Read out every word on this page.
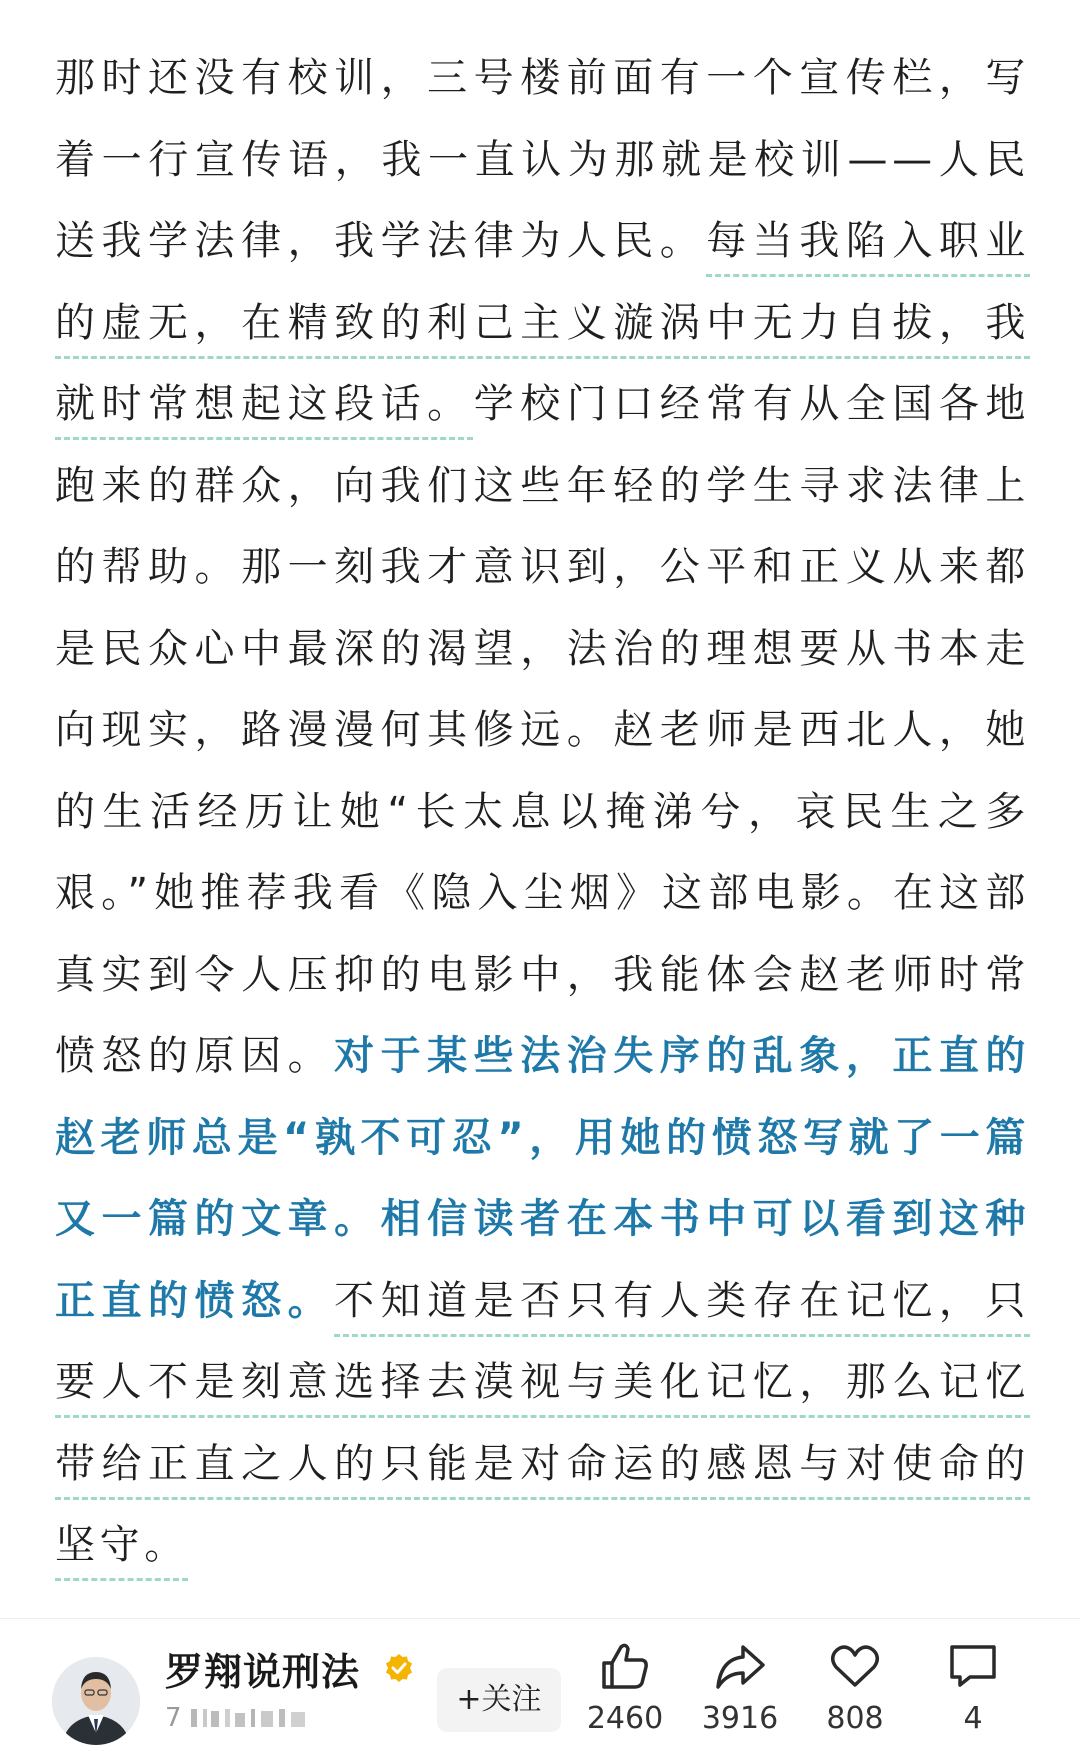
那时还没有校训，三号楼前面有一个宣传栏，写着一行宣传语，我一直认为那就是校训——人民送我学法律，我学法律为人民。每当我陷入职业的虚无，在精致的利己主义漩涡中无力自拔，我就时常想起这段话。学校门口经常有从全国各地跑来的群众，向我们这些年轻的学生寻求法律上的帮助。那一刻我才意识到，公平和正义从来都是民众心中最深的渴望，法治的理想要从书本走向现实，路漫漫何其修远。赵老师是西北人，她的生活经历让她“长太息以掩涕兮，哀民生之多艰。”她推荐我看《隐入尘烟》这部电影。在这部真实到令人压抑的电影中，我能体会赵老师时常愤怒的原因。对于某些法治失序的乱象，正直的赵老师总是“孰不可忍”，用她的愤怒写就了一篇又一篇的文章。相信读者在本书中可以看到这种正直的愤怒。不知道是否只有人类存在记忆，只要人不是刻意选择去漠视与美化记忆，那么记忆带给正直之人的只能是对命运的感恩与对使命的坚守。
罗翔说刑法
7
+关注
2460	3916	808	4
